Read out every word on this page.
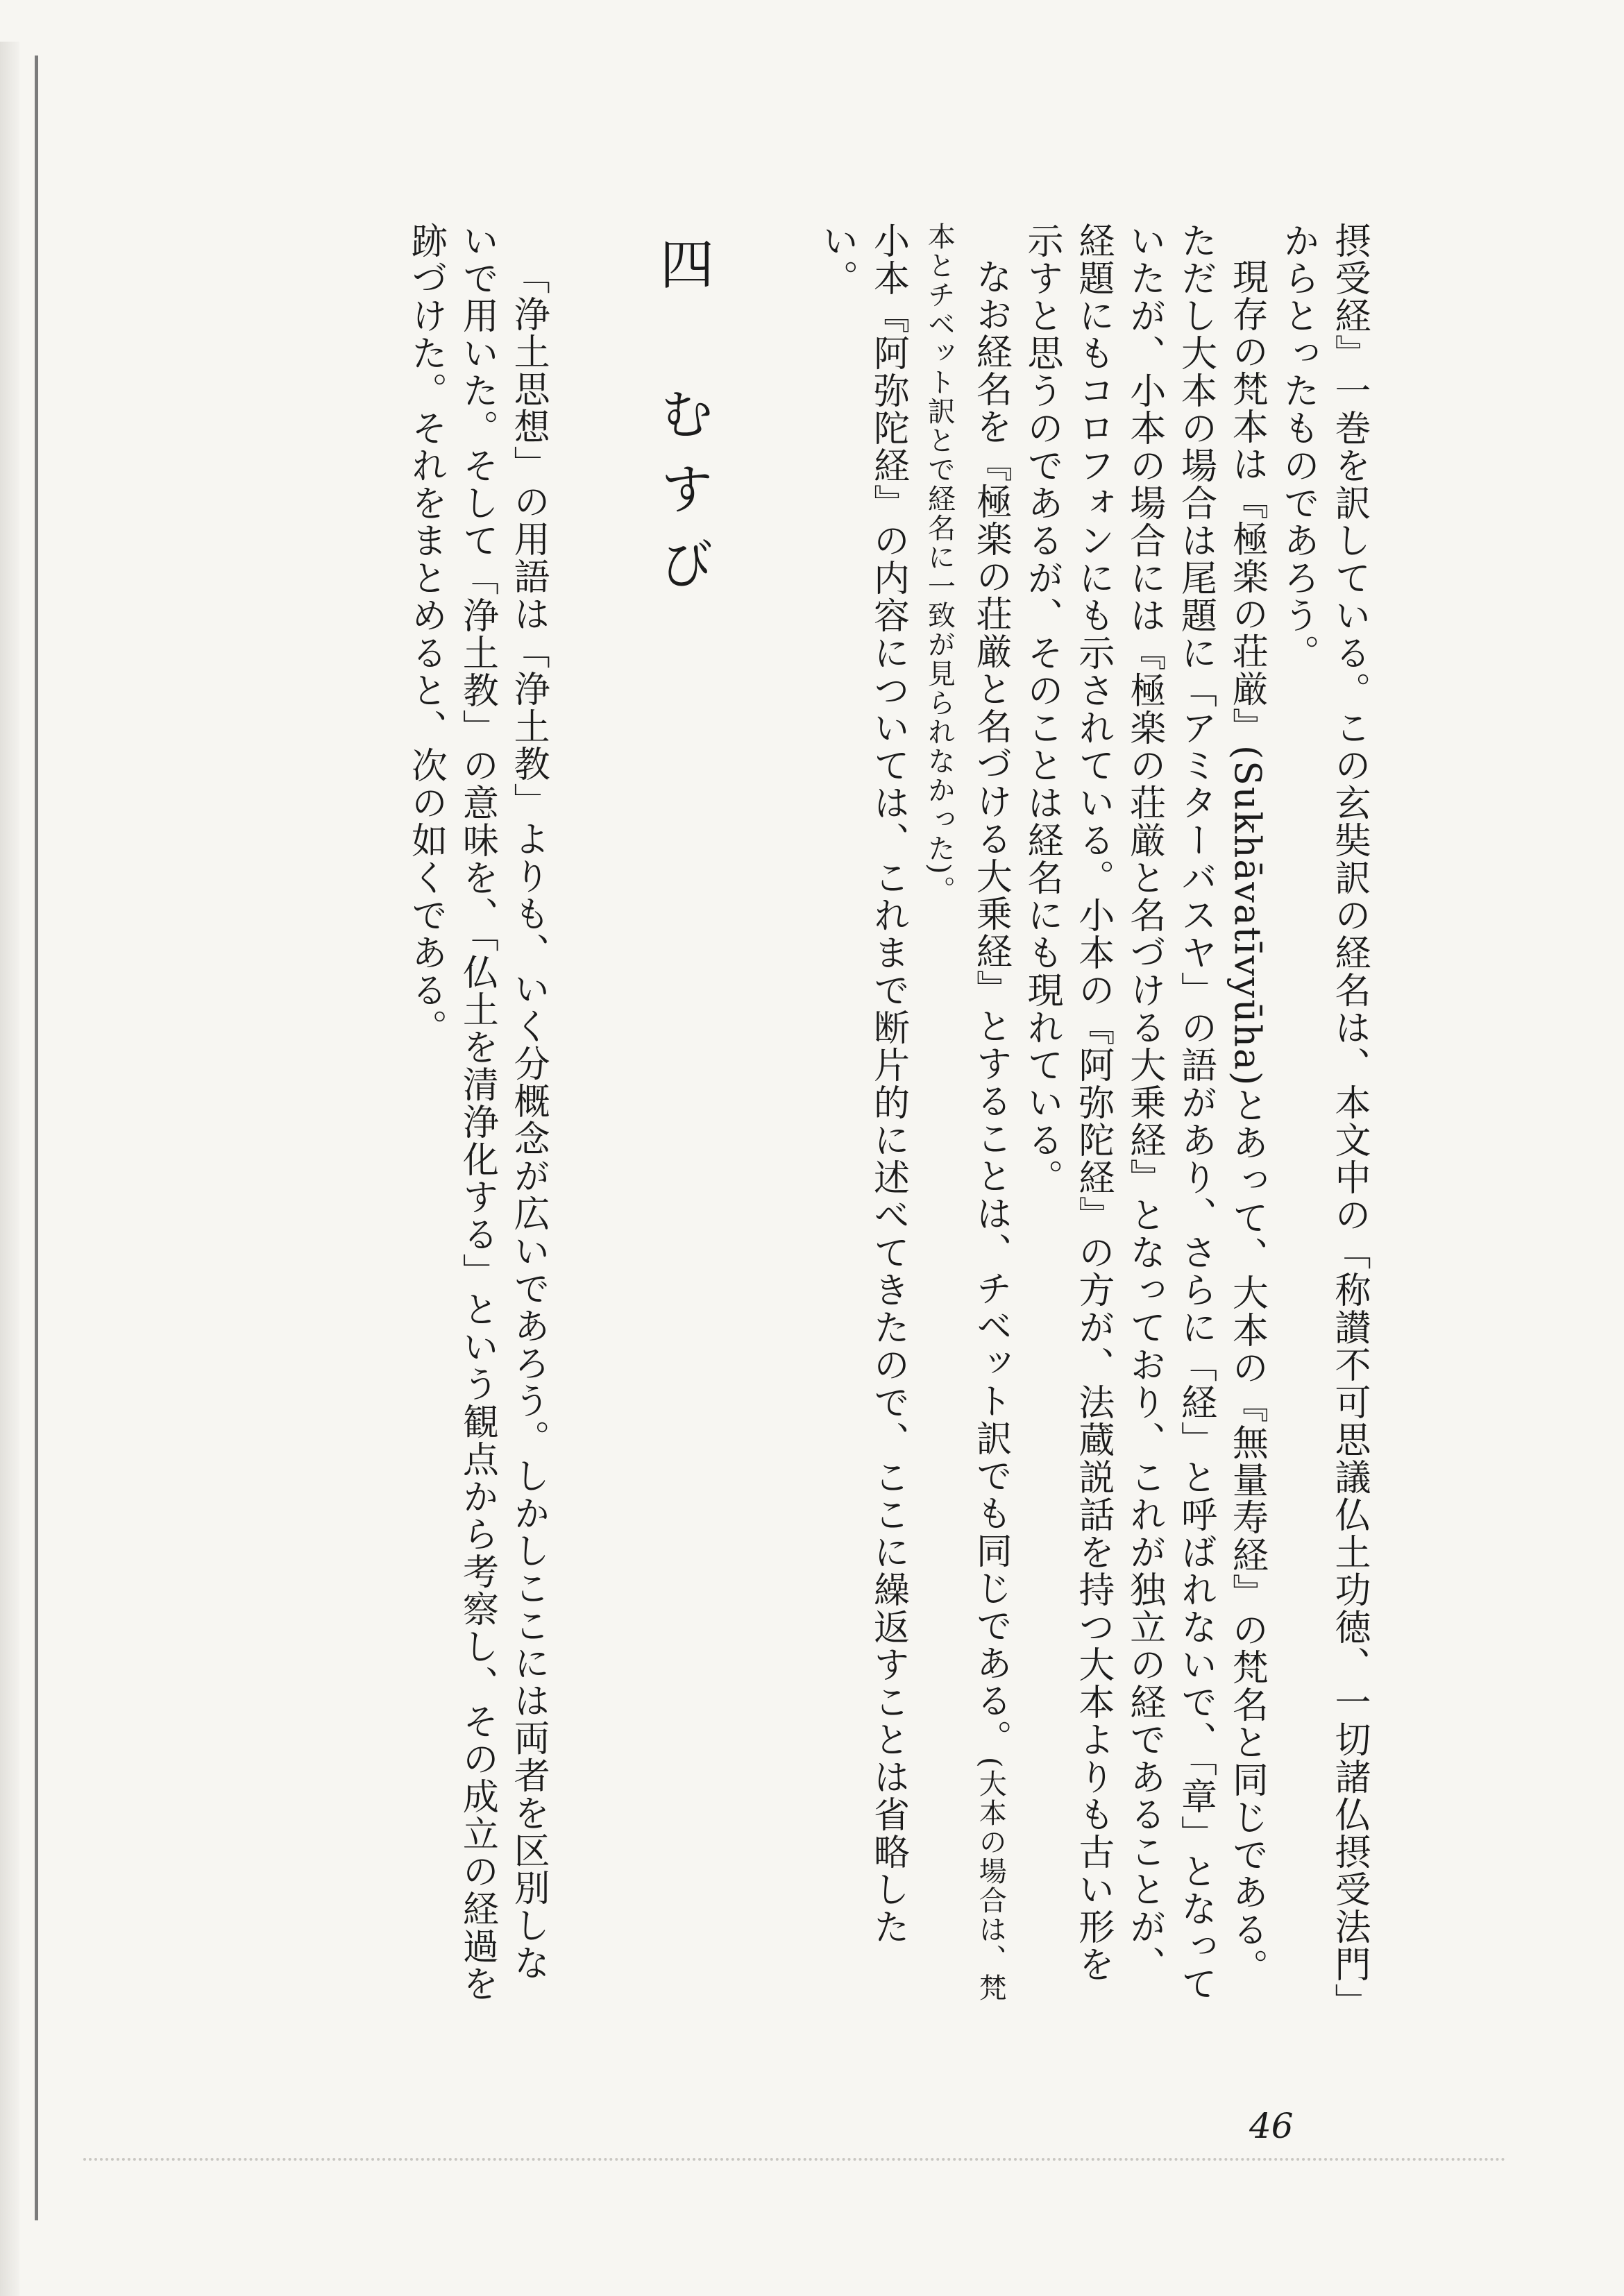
摂受経』一巻を訳している。この玄奘訳の経名は、本文中の「称讃不可思議仏土功徳、一切諸仏摂受法門」からとったものであろう。

現存の梵本は『極楽の荘厳』(Sukhāvatīvyūha)とあって、大本の『無量寿経』の梵名と同じである。ただし大本の場合は尾題に「アミターバスヤ」の語があり、さらに「経」と呼ばれないで、「章」となっていたが、小本の場合には『極楽の荘厳と名づける大乗経』となっており、これが独立の経であることが、経題にもコロフォンにも示されている。小本の『阿弥陀経』の方が、法蔵説話を持つ大本よりも古い形を示すと思うのであるが、そのことは経名にも現れている。

なお経名を『極楽の荘厳と名づける大乗経』とすることは、チベット訳でも同じである。(大本の場合は、梵本とチベット訳とで経名に一致が見られなかった)。

小本『阿弥陀経』の内容については、これまで断片的に述べてきたので、ここに繰返すことは省略したい。

四　むすび

「浄土思想」の用語は「浄土教」よりも、いく分概念が広いであろう。しかしここには両者を区別しないで用いた。そして「浄土教」の意味を、「仏土を清浄化する」という観点から考察し、その成立の経過を跡づけた。それをまとめると、次の如くである。

46
